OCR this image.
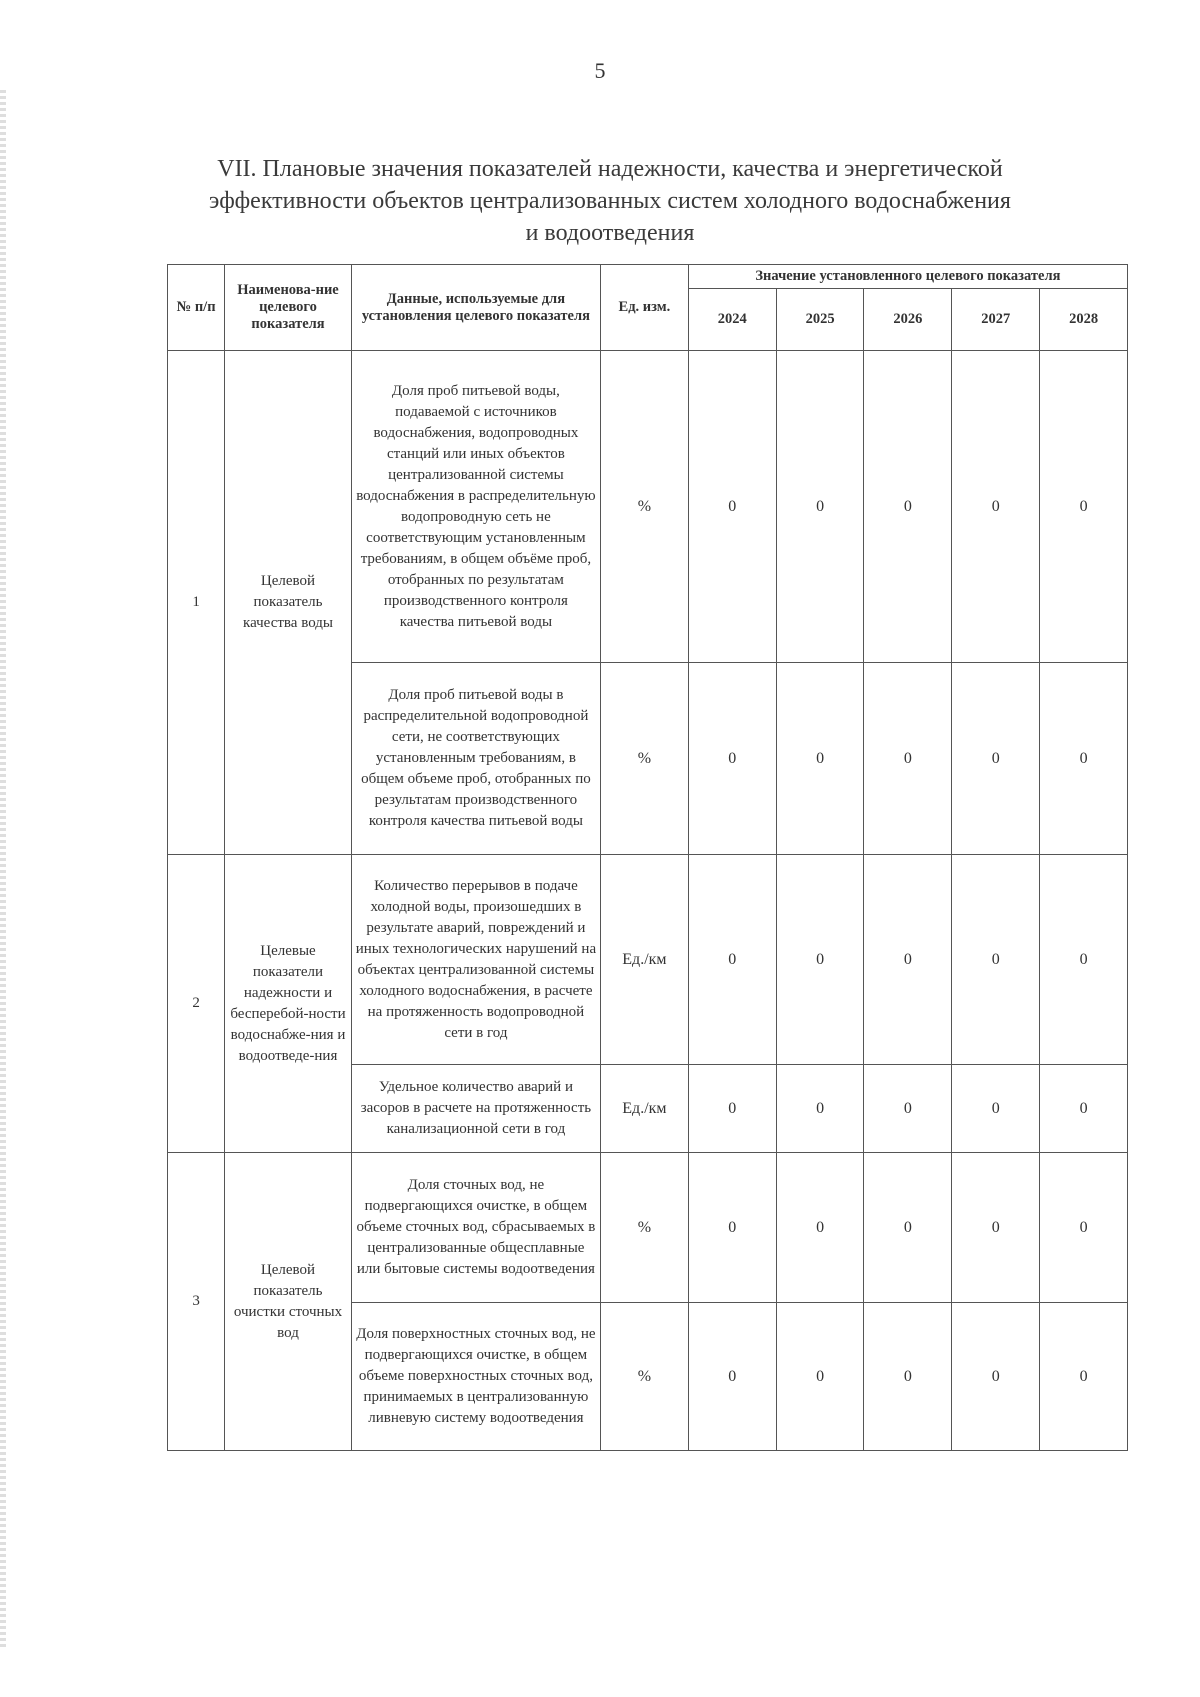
5
VII. Плановые значения показателей надежности, качества и энергетической
эффективности объектов централизованных систем холодного водоснабжения
и водоотведения
№ п/п	Наименова-ние целевого показателя	Данные, используемые для установления целевого показателя	Ед. изм.	Значение установленного целевого показателя				
				2024	2025	2026	2027	2028
1	Целевой показатель качества воды	Доля проб питьевой воды, подаваемой с источников водоснабжения, водопроводных станций или иных объектов централизованной системы водоснабжения в распределительную водопроводную сеть не соответствующим установленным требованиям, в общем объёме проб, отобранных по результатам производственного контроля качества питьевой воды	%	0	0	0	0	0
		Доля проб питьевой воды в распределительной водопроводной сети, не соответствующих установленным требованиям, в общем объеме проб, отобранных по результатам производственного контроля качества питьевой воды	%	0	0	0	0	0
2	Целевые показатели надежности и бесперебой-ности водоснабже-ния и водоотведе-ния	Количество перерывов в подаче холодной воды, произошедших в результате аварий, повреждений и иных технологических нарушений на объектах централизованной системы холодного водоснабжения, в расчете на протяженность водопроводной сети в год	Ед./км	0	0	0	0	0
		Удельное количество аварий и засоров в расчете на протяженность канализационной сети в год	Ед./км	0	0	0	0	0
3	Целевой показатель очистки сточных вод	Доля сточных вод, не подвергающихся очистке, в общем объеме сточных вод, сбрасываемых в централизованные общесплавные или бытовые системы водоотведения	%	0	0	0	0	0
		Доля поверхностных сточных вод, не подвергающихся очистке, в общем объеме поверхностных сточных вод, принимаемых в централизованную ливневую систему водоотведения	%	0	0	0	0	0
